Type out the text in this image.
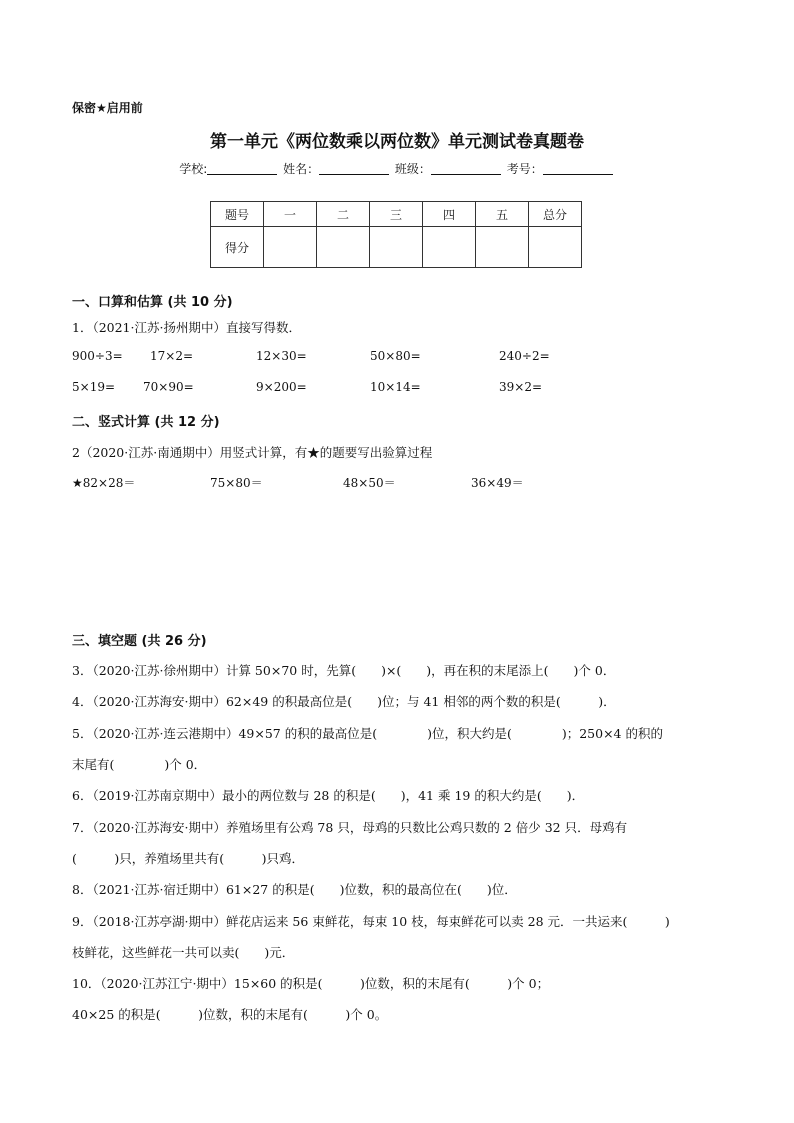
保密★启用前
第一单元《两位数乘以两位数》单元测试卷真题卷
学校:	姓名：	班级：	考号：
题号	一	二	三	四	五	总分
得分						
一、口算和估算 (共 10 分)
1．（2021·江苏·扬州期中）直接写得数．
900÷3= 17×2=	12×30=	50×80=	240÷2=
5×19= 70×90=	9×200=	10×14=	39×2=
二、竖式计算 (共 12 分)
2（2020·江苏·南通期中）用竖式计算，有★的题要写出验算过程
★82×28＝	75×80＝	48×50＝	36×49＝
三、填空题 (共 26 分)
3．（2020·江苏·徐州期中）计算 50×70 时，先算(　　)×(　　)，再在积的末尾添上(　　)个 0．
4．（2020·江苏海安·期中）62×49 的积最高位是(　　)位；与 41 相邻的两个数的积是(　　　)．
5．（2020·江苏·连云港期中）49×57 的积的最高位是(　　　　)位，积大约是(　　　　)；250×4 的积的
末尾有(　　　　)个 0．
6．（2019·江苏南京期中）最小的两位数与 28 的积是(　　)，41 乘 19 的积大约是(　　)．
7．（2020·江苏海安·期中）养殖场里有公鸡 78 只，母鸡的只数比公鸡只数的 2 倍少 32 只．母鸡有
(　　　)只，养殖场里共有(　　　)只鸡．
8．（2021·江苏·宿迁期中）61×27 的积是(　　)位数，积的最高位在(　　)位．
9．（2018·江苏亭湖·期中）鲜花店运来 56 束鲜花，每束 10 枝，每束鲜花可以卖 28 元．一共运来(　　　)
枝鲜花，这些鲜花一共可以卖(　　)元．
10．（2020·江苏江宁·期中）15×60 的积是(　　　)位数，积的末尾有(　　　)个 0；
40×25 的积是(　　　)位数，积的末尾有(　　　)个 0。
